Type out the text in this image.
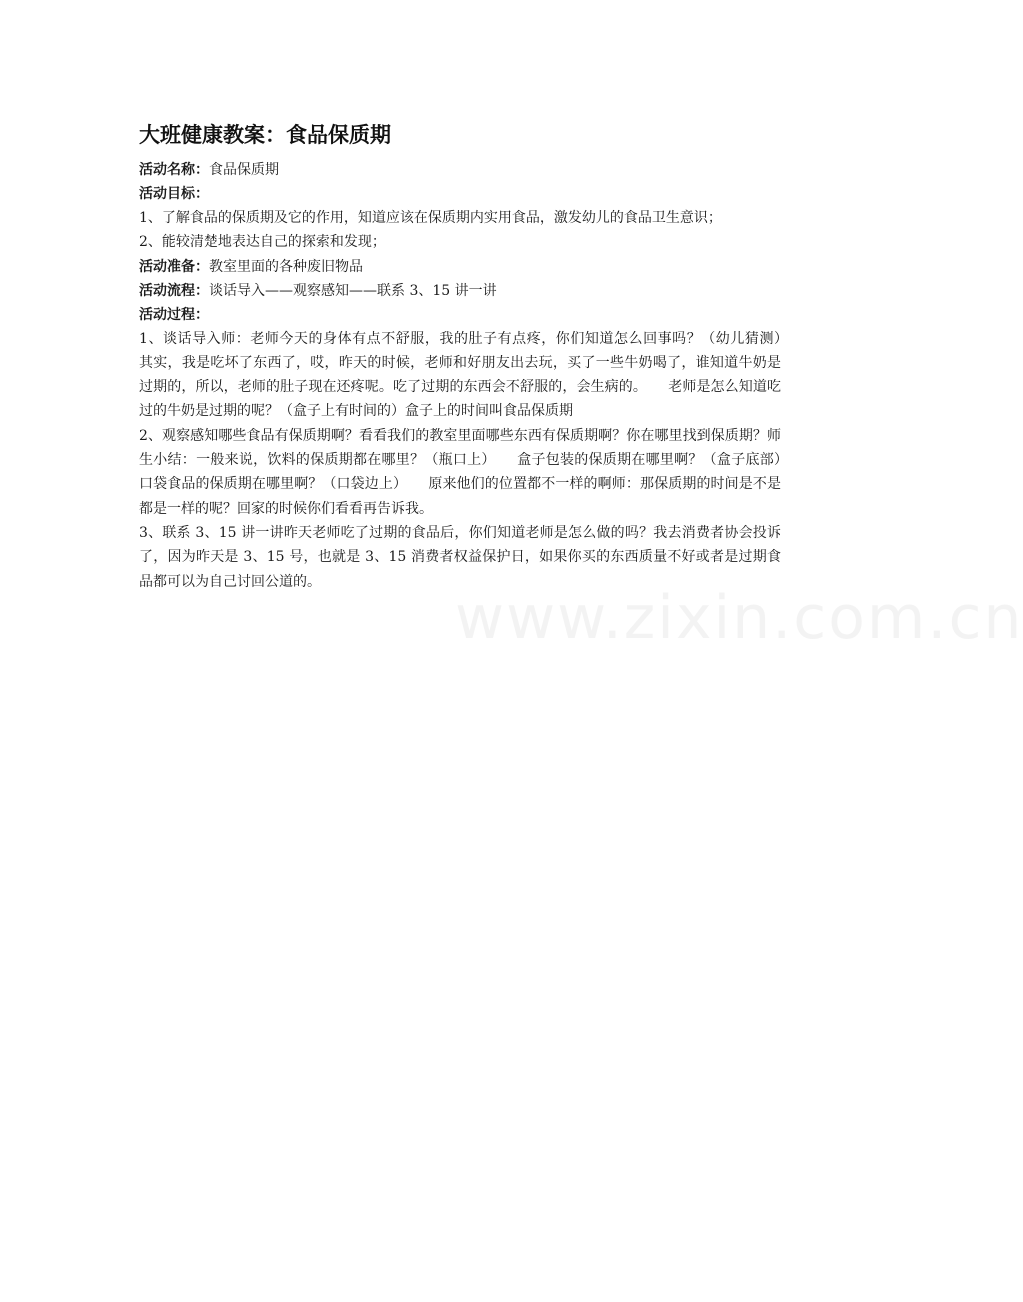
大班健康教案：食品保质期

活动名称：食品保质期

活动目标：

1、了解食品的保质期及它的作用，知道应该在保质期内实用食品，激发幼儿的食品卫生意识；

2、能较清楚地表达自己的探索和发现；

活动准备：教室里面的各种废旧物品

活动流程：谈话导入——观察感知——联系 3、15 讲一讲

活动过程：

1、谈话导入师：老师今天的身体有点不舒服，我的肚子有点疼，你们知道怎么回事吗？（幼儿猜测）　　其实，我是吃坏了东西了，哎，昨天的时候，老师和好朋友出去玩，买了一些牛奶喝了，谁知道牛奶是过期的，所以，老师的肚子现在还疼呢。吃了过期的东西会不舒服的，会生病的。　　老师是怎么知道吃过的牛奶是过期的呢？（盒子上有时间的）盒子上的时间叫食品保质期

2、观察感知哪些食品有保质期啊？看看我们的教室里面哪些东西有保质期啊？你在哪里找到保质期？师生小结：一般来说，饮料的保质期都在哪里？（瓶口上）　　盒子包装的保质期在哪里啊？（盒子底部）　　口袋食品的保质期在哪里啊？（口袋边上）　　原来他们的位置都不一样的啊师：那保质期的时间是不是都是一样的呢？回家的时候你们看看再告诉我。

3、联系 3、15 讲一讲昨天老师吃了过期的食品后，你们知道老师是怎么做的吗？我去消费者协会投诉了，因为昨天是 3、15 号，也就是 3、15 消费者权益保护日，如果你买的东西质量不好或者是过期食品都可以为自己讨回公道的。

www.zixin.com.cn
